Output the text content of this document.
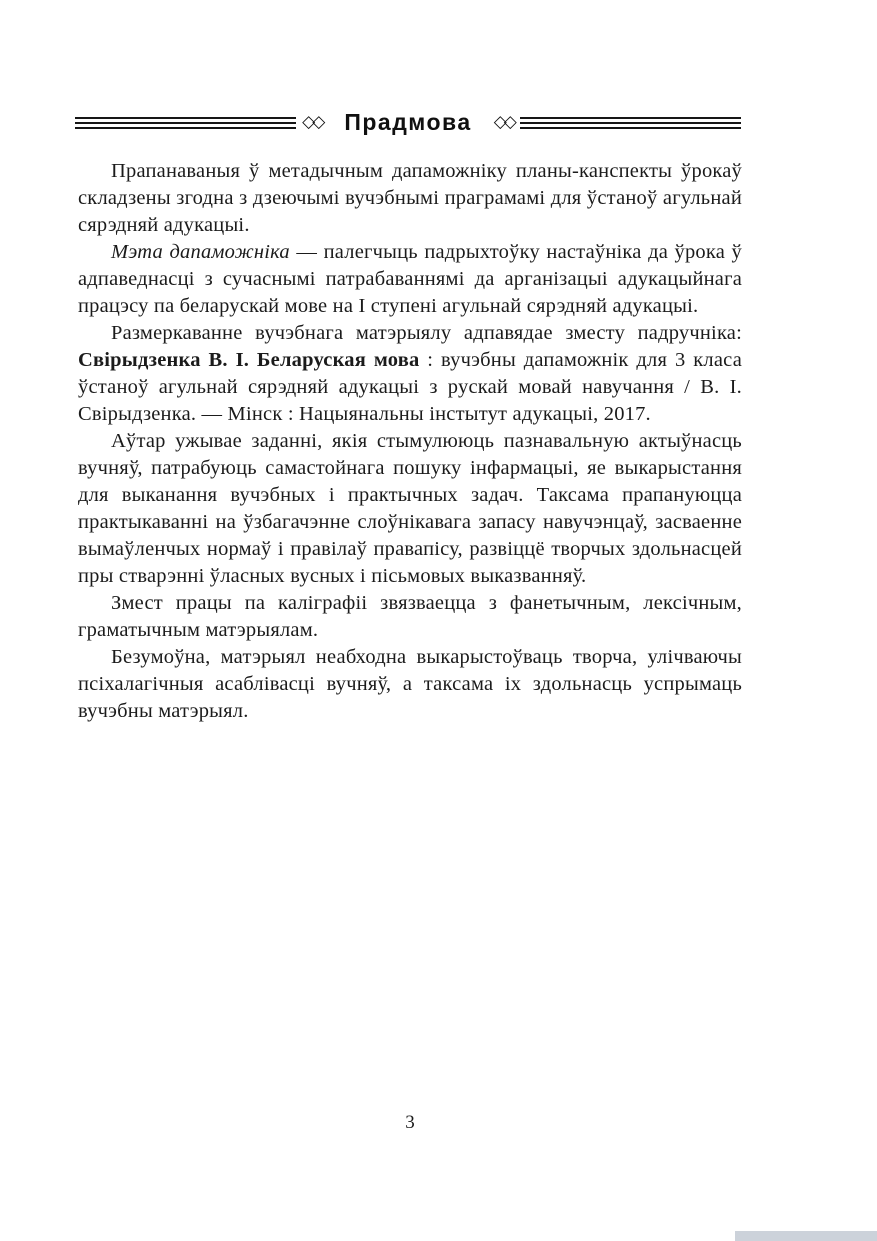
◇◇ Прадмова	◇◇

Прапанаваныя ў метадычным дапаможніку планы-канспекты ўрокаў складзены згодна з дзеючымі вучэбнымі праграмамі для ўстаноў агульнай сярэдняй адукацыі.

Мэта дапаможніка — палегчыць падрыхтоўку настаўніка да ўрока ў адпаведнасці з сучаснымі патрабаваннямі да арганізацыі адукацыйнага працэсу па беларускай мове на I ступені агульнай сярэдняй адукацыі.

Размеркаванне вучэбнага матэрыялу адпавядае зместу падручніка: Свірыдзенка В. І. Беларуская мова : вучэбны дапаможнік для 3 класа ўстаноў агульнай сярэдняй адукацыі з рускай мовай навучання / В. І. Свірыдзенка. — Мінск : Нацыянальны інстытут адукацыі, 2017.

Аўтар ужывае заданні, якія стымулююць пазнавальную актыўнасць вучняў, патрабуюць самастойнага пошуку інфармацыі, яе выкарыстання для выканання вучэбных і практычных задач. Таксама прапануюцца практыкаванні на ўзбагачэнне слоўнікавага запасу навучэнцаў, засваенне вымаўленчых нормаў і правілаў правапісу, развіццё творчых здольнасцей пры стварэнні ўласных вусных і пісьмовых выказванняў.

Змест працы па каліграфіі звязваецца з фанетычным, лексічным, граматычным матэрыялам.

Безумоўна, матэрыял неабходна выкарыстоўваць творча, улічваючы псіхалагічныя асаблівасці вучняў, а таксама іх здольнасць успрымаць вучэбны матэрыял.

3
